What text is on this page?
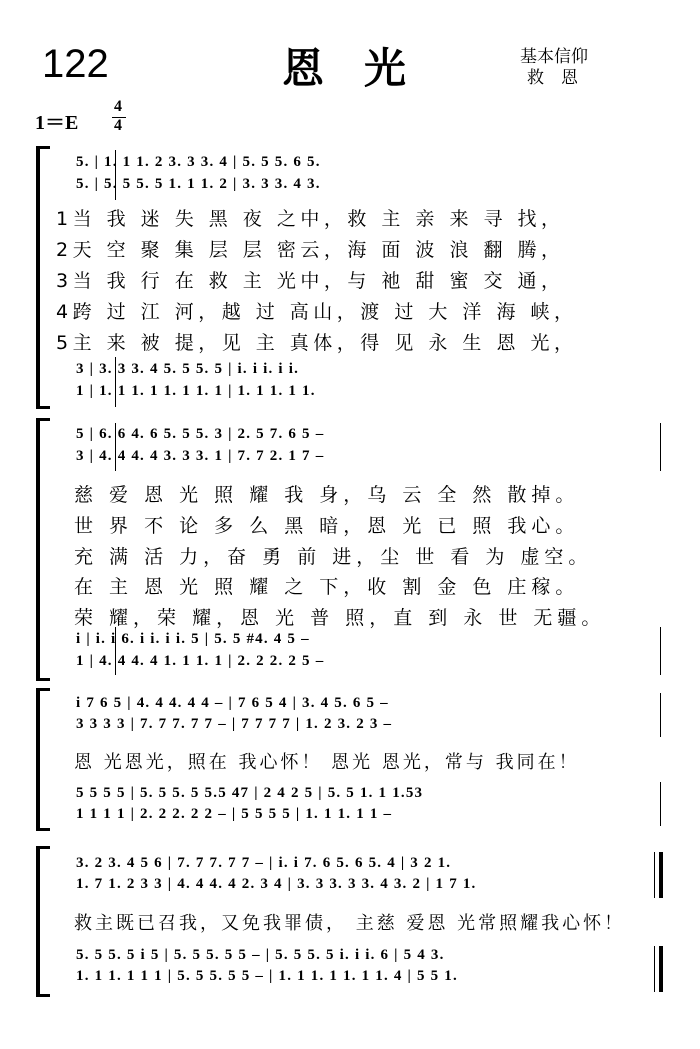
122	恩光	基本信仰
救　恩
1＝E
4
4
5. | 1. 1 1. 2 3. 3 3. 4 | 5. 5 5. 6 5.
5. | 5. 5 5. 5 1. 1 1. 2 | 3. 3 3. 4 3.
1当 我 迷 失 黑 夜 之中，救 主 亲 来 寻 找，
2天 空 聚 集 层 层 密云，海 面 波 浪 翻 腾，
3当 我 行 在 救 主 光中，与 祂 甜 蜜 交 通，
4跨 过 江 河，越 过 高山，渡 过 大 洋 海 峡，
5主 来 被 提，见 主 真体，得 见 永 生 恩 光，
3 | 3. 3 3. 4 5. 5 5. 5 | i. i i. i i.
1 | 1. 1 1. 1 1. 1 1. 1 | 1. 1 1. 1 1.
5 | 6. 6 4. 6 5. 5 5. 3 | 2. 5 7. 6 5 –
3 | 4. 4 4. 4 3. 3 3. 1 | 7. 7 2. 1 7 –
慈 爱 恩 光 照 耀 我 身，乌 云 全 然 散掉。
世 界 不 论 多 么 黑 暗，恩 光 已 照 我心。
充 满 活 力，奋 勇 前 进，尘 世 看 为 虚空。
在 主 恩 光 照 耀 之 下，收 割 金 色 庄稼。
荣 耀，荣 耀，恩 光 普 照，直 到 永 世 无疆。
i | i. i 6. i i. i i. 5 | 5. 5 #4. 4 5 –
1 | 4. 4 4. 4 1. 1 1. 1 | 2. 2 2. 2 5 –
i 7 6 5 | 4. 4 4. 4 4 – | 7 6 5 4 | 3. 4 5. 6 5 –
3 3 3 3 | 7. 7 7. 7 7 – | 7 7 7 7 | 1. 2 3. 2 3 –
恩 光恩光，照在 我心怀！ 恩光 恩光，常与 我同在！
5 5 5 5 | 5. 5 5. 5 5.5 47 | 2 4 2 5 | 5. 5 1. 1 1.53
1 1 1 1 | 2. 2 2. 2 2 – | 5 5 5 5 | 1. 1 1. 1 1 –
3. 2 3. 4 5 6 | 7. 7 7. 7 7 – | i. i 7. 6 5. 6 5. 4 | 3 2 1.
1. 7 1. 2 3 3 | 4. 4 4. 4 2. 3 4 | 3. 3 3. 3 3. 4 3. 2 | 1 7 1.
救主既已召我，又免我罪债， 主慈 爱恩 光常照耀我心怀！
5. 5 5. 5 i 5 | 5. 5 5. 5 5 – | 5. 5 5. 5 i. i i. 6 | 5 4 3.
1. 1 1. 1 1 1 | 5. 5 5. 5 5 – | 1. 1 1. 1 1. 1 1. 4 | 5 5 1.
